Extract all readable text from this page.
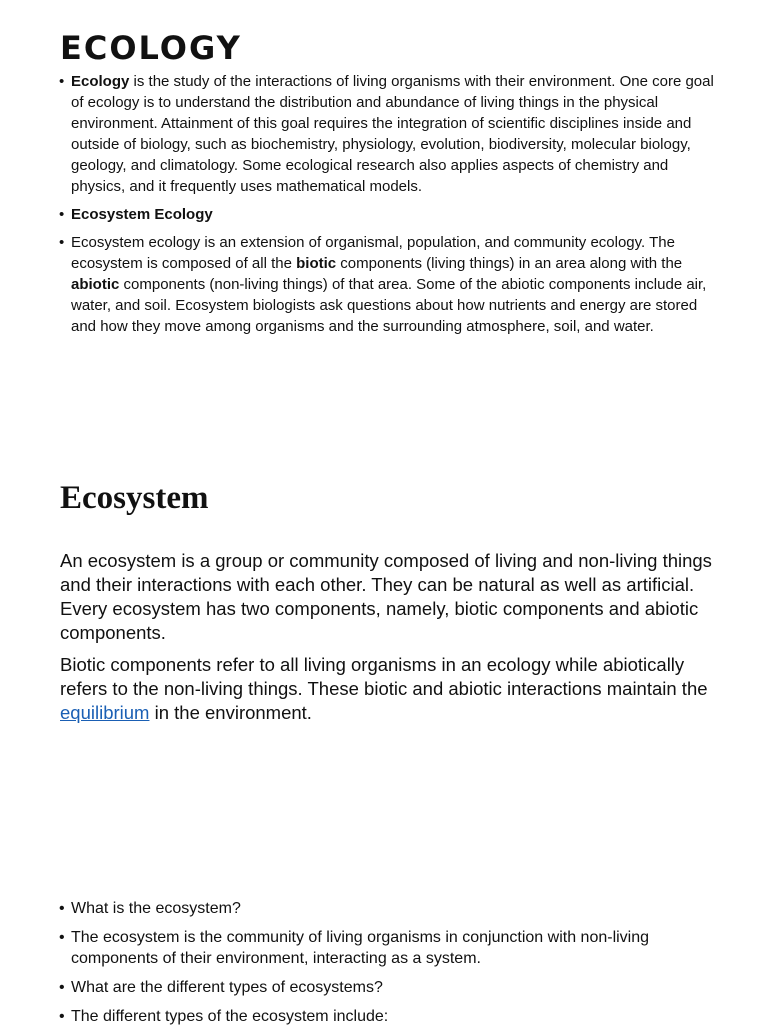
ECOLOGY
• Ecology is the study of the interactions of living organisms with their environment. One core goal of ecology is to understand the distribution and abundance of living things in the physical environment. Attainment of this goal requires the integration of scientific disciplines inside and outside of biology, such as biochemistry, physiology, evolution, biodiversity, molecular biology, geology, and climatology. Some ecological research also applies aspects of chemistry and physics, and it frequently uses mathematical models.
• Ecosystem Ecology
• Ecosystem ecology is an extension of organismal, population, and community ecology. The ecosystem is composed of all the biotic components (living things) in an area along with the abiotic components (non-living things) of that area. Some of the abiotic components include air, water, and soil. Ecosystem biologists ask questions about how nutrients and energy are stored and how they move among organisms and the surrounding atmosphere, soil, and water.
Ecosystem

An ecosystem is a group or community composed of living and non-living things and their interactions with each other. They can be natural as well as artificial. Every ecosystem has two components, namely, biotic components and abiotic components.

Biotic components refer to all living organisms in an ecology while abiotically refers to the non-living things. These biotic and abiotic interactions maintain the equilibrium in the environment.

• What is the ecosystem?
• The ecosystem is the community of living organisms in conjunction with non-living components of their environment, interacting as a system.
• What are the different types of ecosystems?
• The different types of the ecosystem include:
